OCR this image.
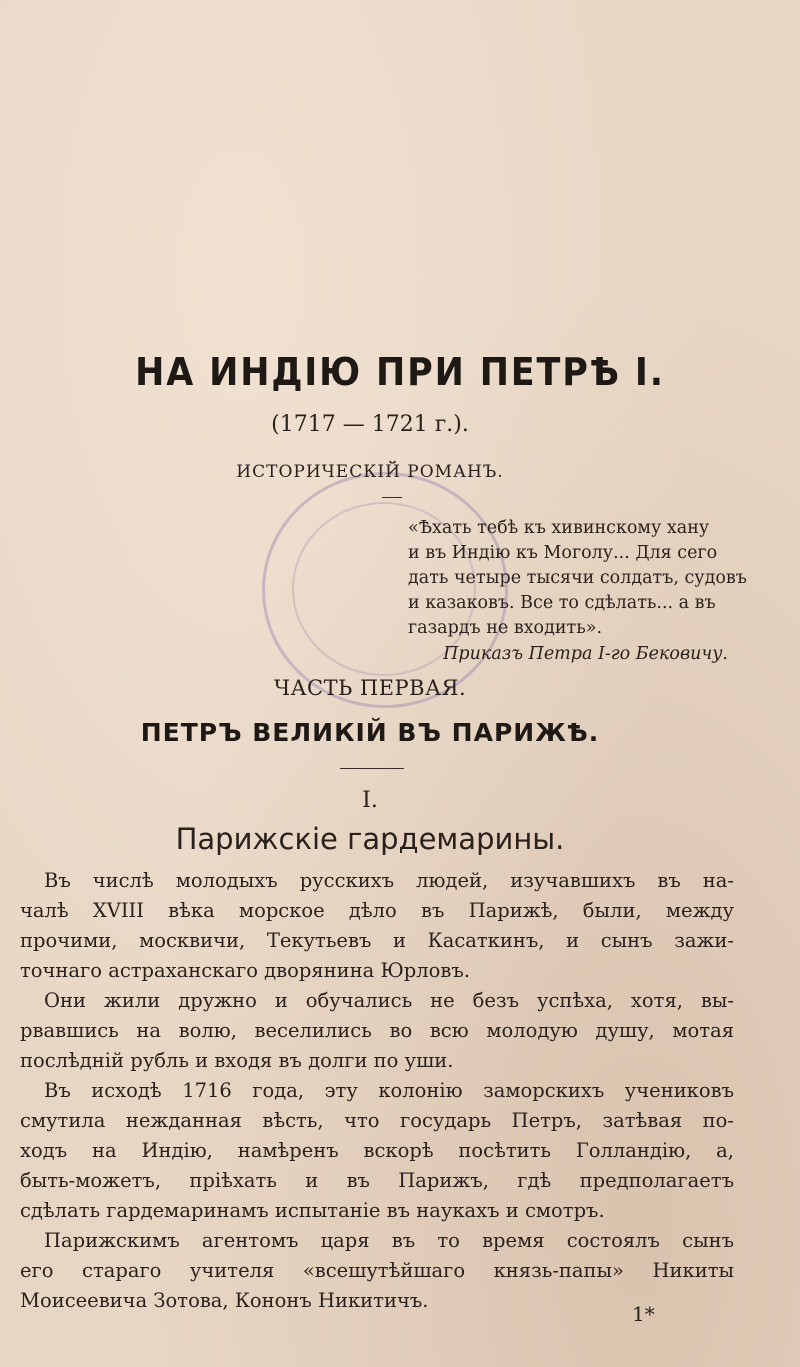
НА ИНДІЮ ПРИ ПЕТРѢ І.
(1717 — 1721 г.).
ИСТОРИЧЕСКІЙ РОМАНЪ.
«Ѣхать тебѣ къ хивинскому хану
и въ Индію къ Моголу... Для сего
дать четыре тысячи солдатъ, судовъ
и казаковъ. Все то сдѣлать... а въ
газардъ не входить».
Приказъ Петра І-го Бековичу.
ЧАСТЬ ПЕРВАЯ.
ПЕТРЪ ВЕЛИКІЙ ВЪ ПАРИЖѢ.
І.
Парижскіе гардемарины.
Въ числѣ молодыхъ русскихъ людей, изучавшихъ въ на-
чалѣ XVIII вѣка морское дѣло въ Парижѣ, были, между
прочими, москвичи, Текутьевъ и Касаткинъ, и сынъ зажи-
точнаго астраханскаго дворянина Юрловъ.
Они жили дружно и обучались не безъ успѣха, хотя, вы-
рвавшись на волю, веселились во всю молодую душу, мотая
послѣдній рубль и входя въ долги по уши.
Въ исходѣ 1716 года, эту колонію заморскихъ учениковъ
смутила нежданная вѣсть, что государь Петръ, затѣвая по-
ходъ на Индію, намѣренъ вскорѣ посѣтить Голландію, а,
быть-можетъ, пріѣхать и въ Парижъ, гдѣ предполагаетъ
сдѣлать гардемаринамъ испытаніе въ наукахъ и смотръ.
Парижскимъ агентомъ царя въ то время состоялъ сынъ
его стараго учителя «всешутѣйшаго князь-папы» Никиты
Моисеевича Зотова, Кононъ Никитичъ.
1*
